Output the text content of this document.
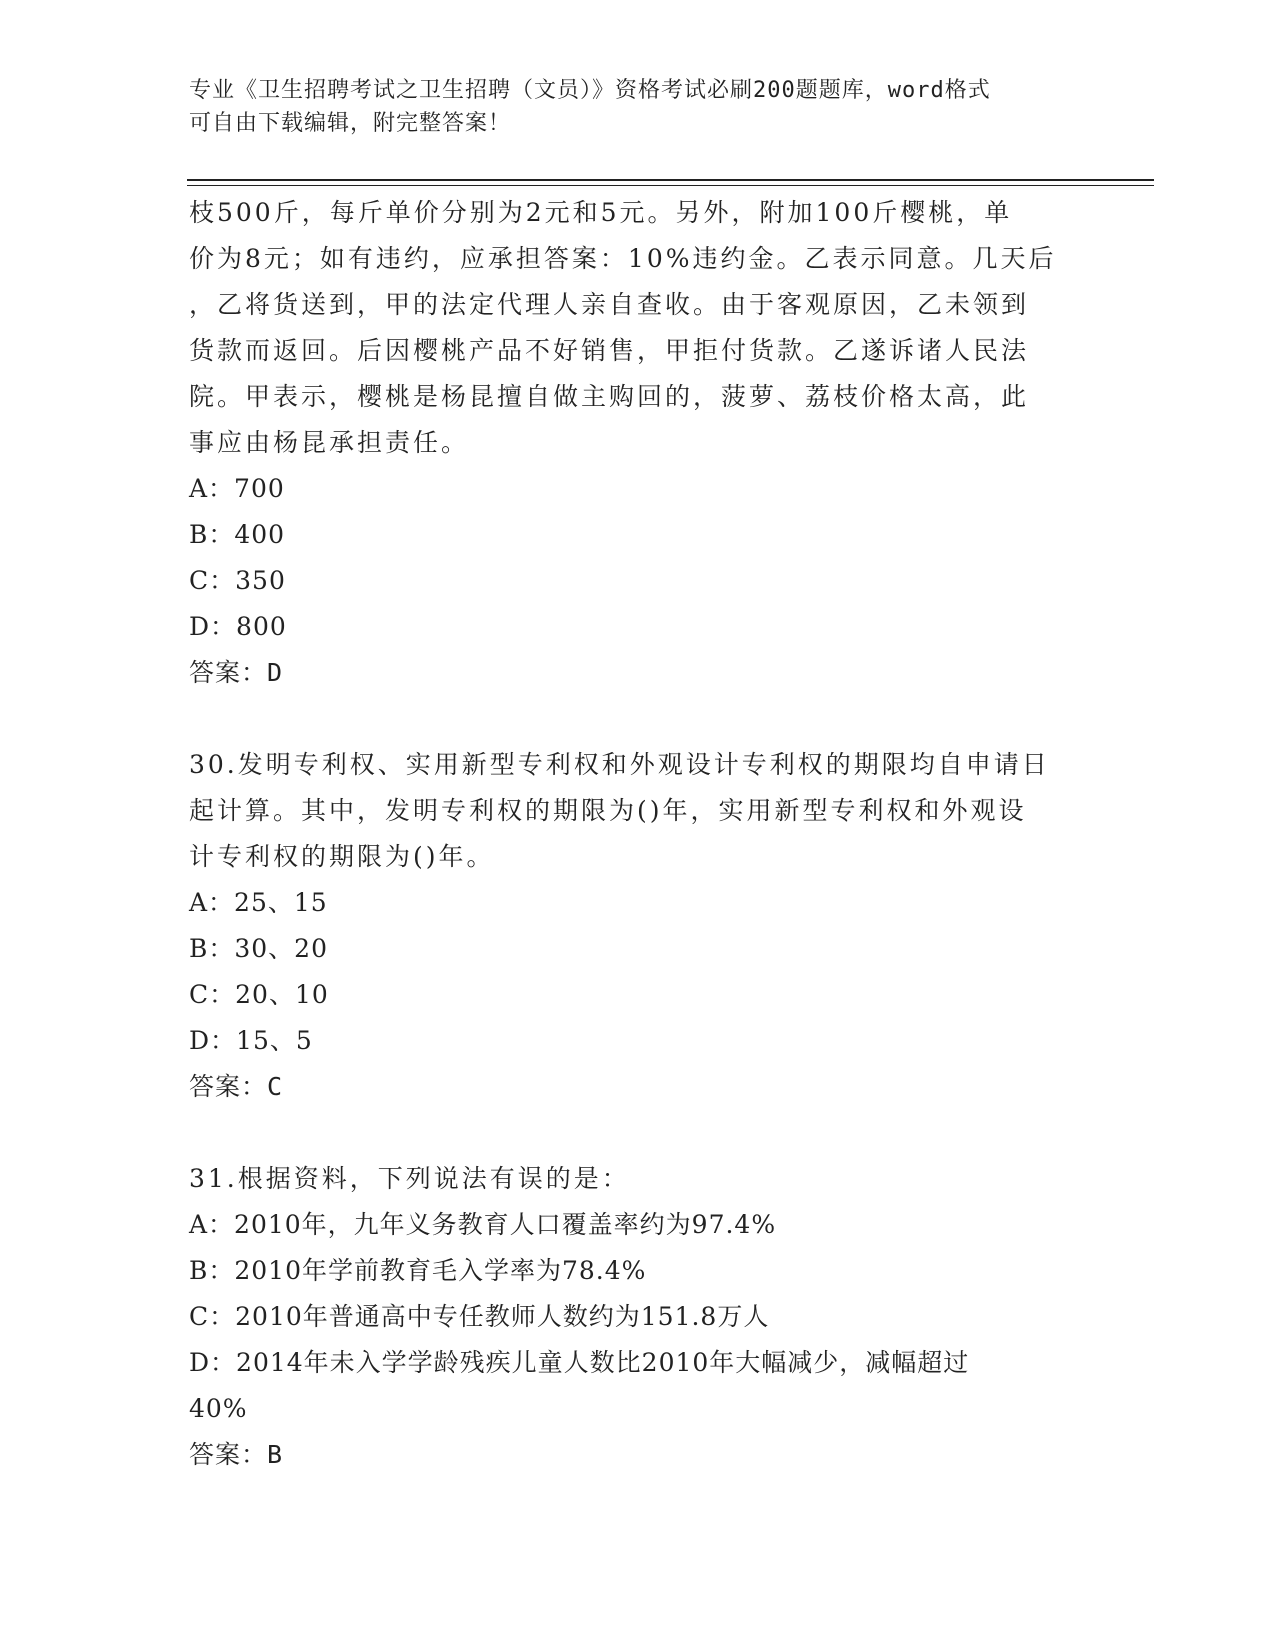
专业《卫生招聘考试之卫生招聘（文员）》资格考试必刷200题题库，word格式
可自由下载编辑，附完整答案！

枝500斤，每斤单价分别为2元和5元。另外，附加100斤樱桃，单

价为8元；如有违约，应承担答案：10%违约金。乙表示同意。几天后

，乙将货送到，甲的法定代理人亲自查收。由于客观原因，乙未领到

货款而返回。后因樱桃产品不好销售，甲拒付货款。乙遂诉诸人民法

院。甲表示，樱桃是杨昆擅自做主购回的，菠萝、荔枝价格太高，此

事应由杨昆承担责任。

A：700

B：400

C：350

D：800

答案：D

30.发明专利权、实用新型专利权和外观设计专利权的期限均自申请日

起计算。其中，发明专利权的期限为()年，实用新型专利权和外观设

计专利权的期限为()年。

A：25、15

B：30、20

C：20、10

D：15、5

答案：C

31.根据资料，下列说法有误的是：

A：2010年，九年义务教育人口覆盖率约为97.4%

B：2010年学前教育毛入学率为78.4%

C：2010年普通高中专任教师人数约为151.8万人

D：2014年未入学学龄残疾儿童人数比2010年大幅减少，减幅超过

40%

答案：B
